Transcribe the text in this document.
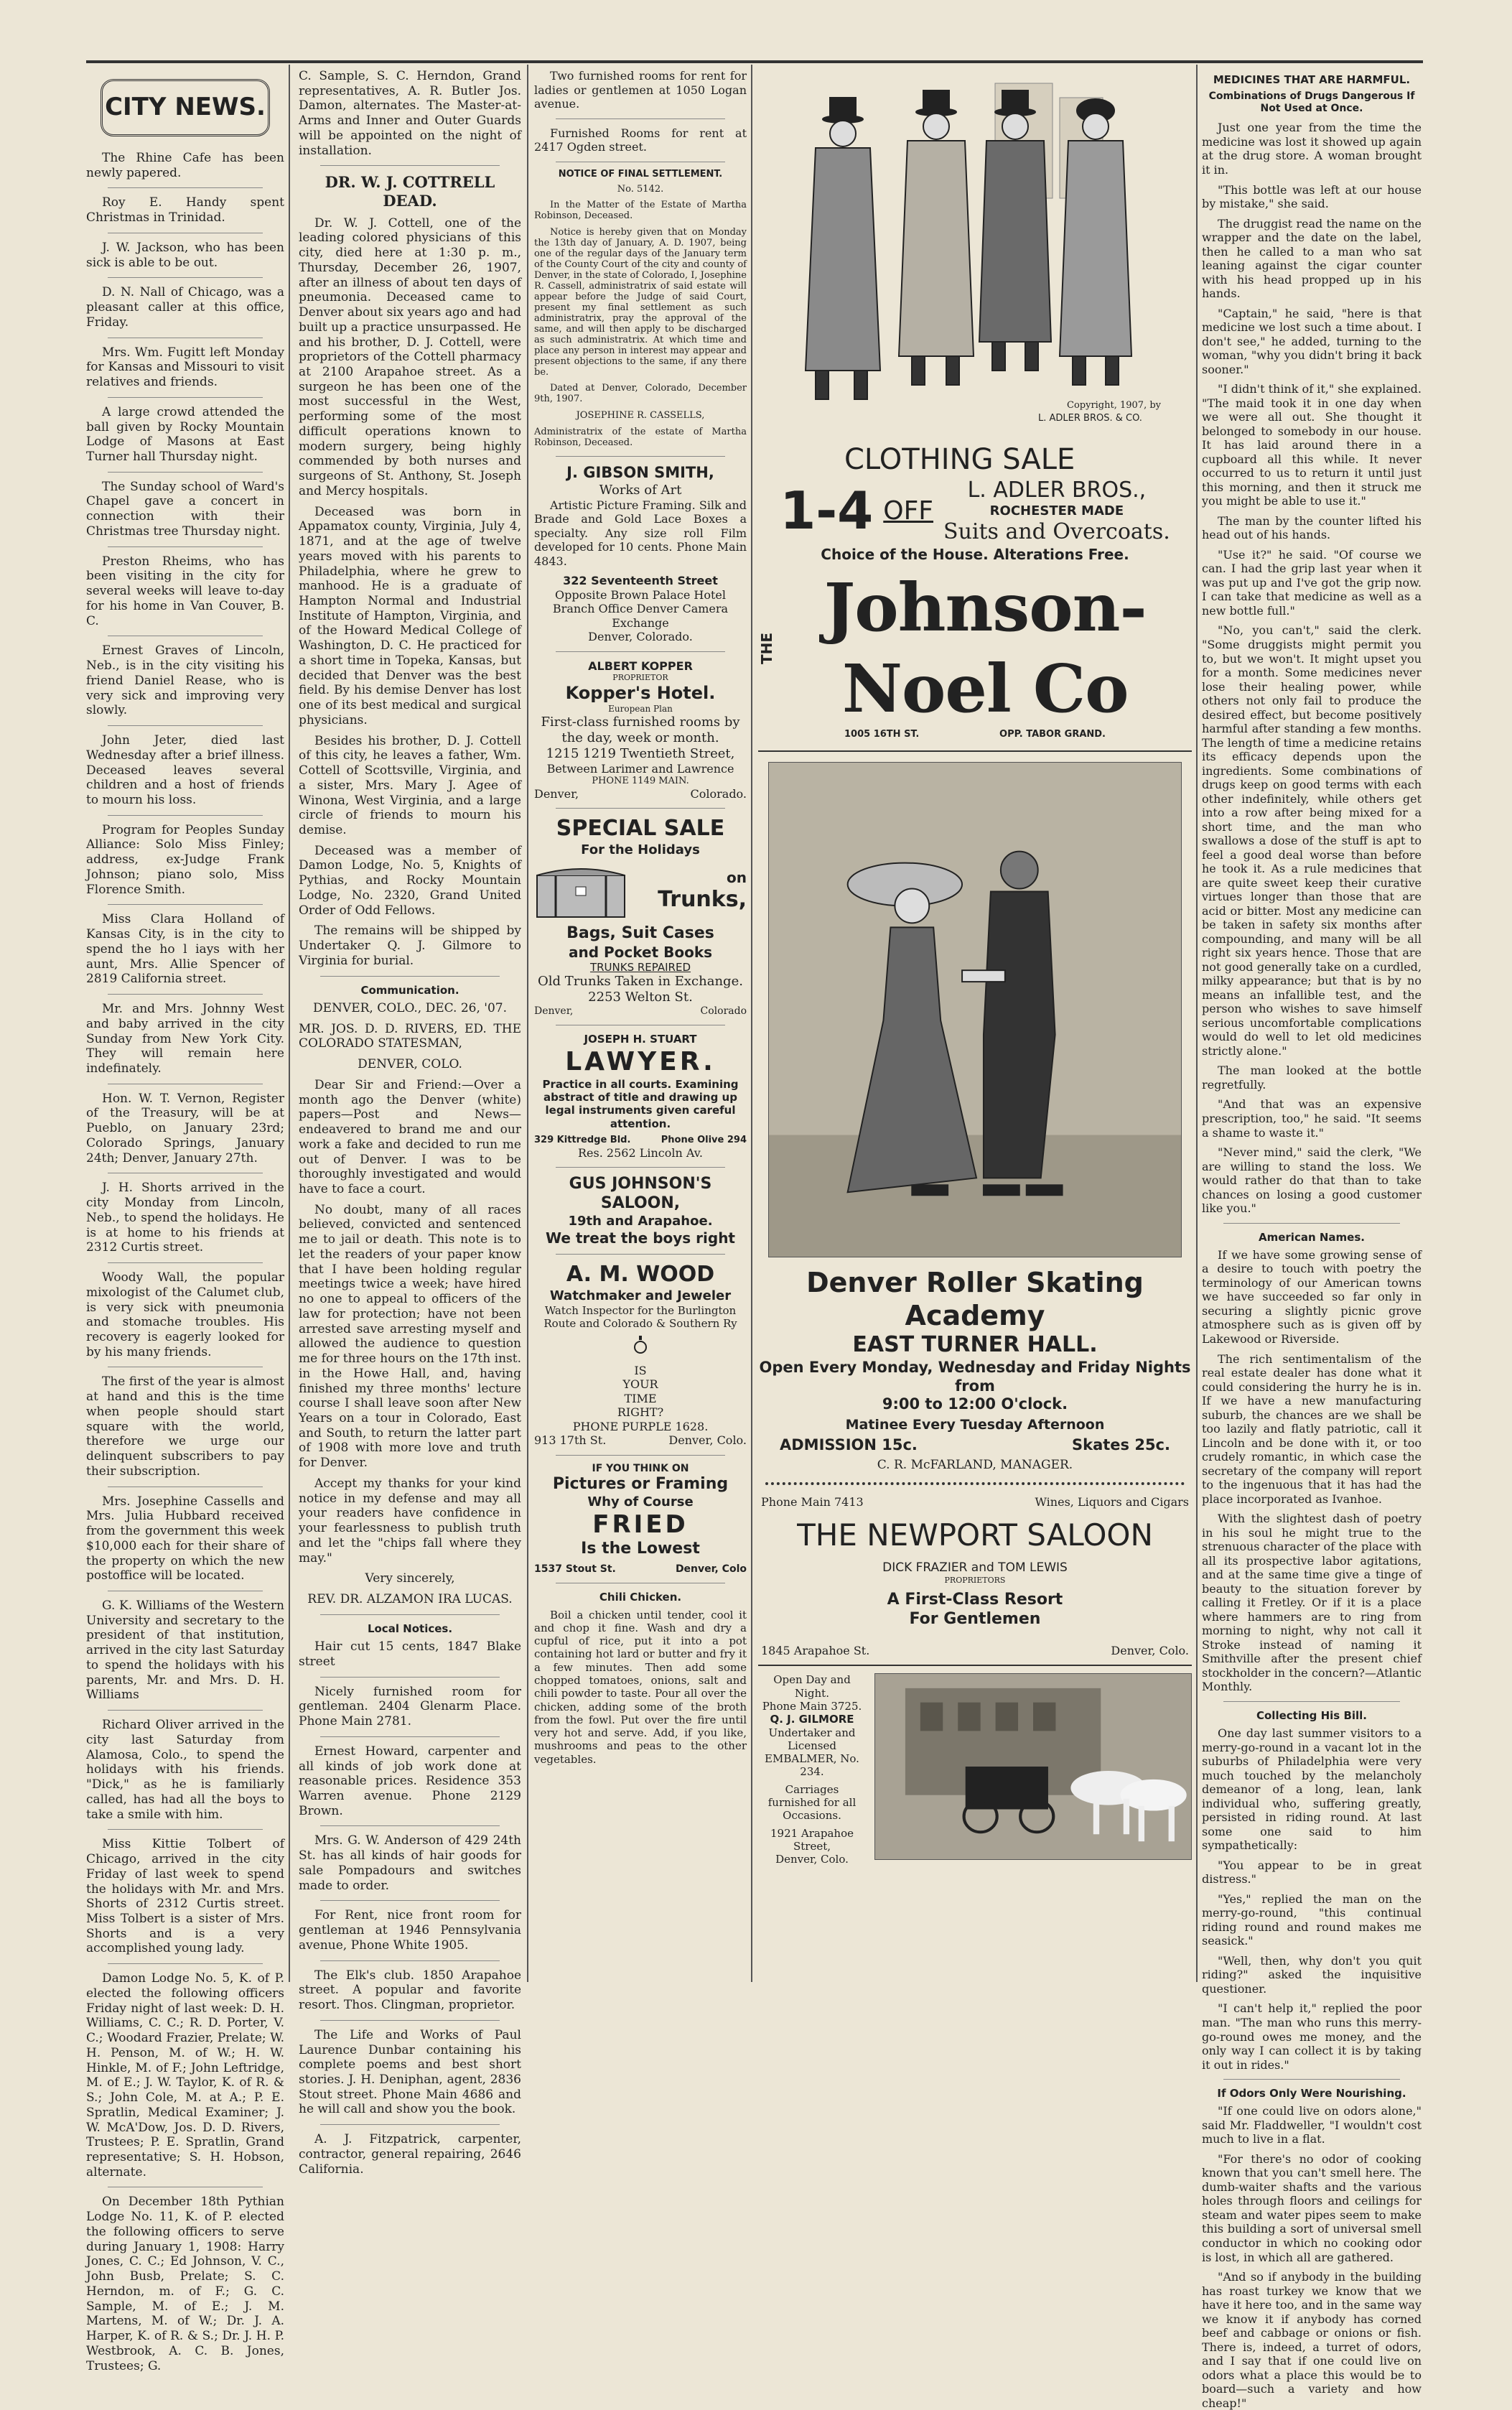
CITY NEWS.

The Rhine Cafe has been newly papered.

Roy E. Handy spent Christmas in Trinidad.

J. W. Jackson, who has been sick is able to be out.

D. N. Nall of Chicago, was a pleasant caller at this office, Friday.

Mrs. Wm. Fugitt left Monday for Kansas and Missouri to visit relatives and friends.

A large crowd attended the ball given by Rocky Mountain Lodge of Masons at East Turner hall Thursday night.

The Sunday school of Ward's Chapel gave a concert in connection with their Christmas tree Thursday night.

Preston Rheims, who has been visiting in the city for several weeks will leave to-day for his home in Van Couver, B. C.

Ernest Graves of Lincoln, Neb., is in the city visiting his friend Daniel Rease, who is very sick and improving very slowly.

John Jeter, died last Wednesday after a brief illness. Deceased leaves several children and a host of friends to mourn his loss.

Program for Peoples Sunday Alliance: Solo Miss Finley; address, ex-Judge Frank Johnson; piano solo, Miss Florence Smith.

Miss Clara Holland of Kansas City, is in the city to spend the ho l iays with her aunt, Mrs. Allie Spencer of 2819 California street.

Mr. and Mrs. Johnny West and baby arrived in the city Sunday from New York City. They will remain here indefinately.

Hon. W. T. Vernon, Register of the Treasury, will be at Pueblo, on January 23rd; Colorado Springs, January 24th; Denver, January 27th.

J. H. Shorts arrived in the city Monday from Lincoln, Neb., to spend the holidays. He is at home to his friends at 2312 Curtis street.

Woody Wall, the popular mixologist of the Calumet club, is very sick with pneumonia and stomache troubles. His recovery is eagerly looked for by his many friends.

The first of the year is almost at hand and this is the time when people should start square with the world, therefore we urge our delinquent subscribers to pay their subscription.

Mrs. Josephine Cassells and Mrs. Julia Hubbard received from the government this week $10,000 each for their share of the property on which the new postoffice will be located.

G. K. Williams of the Western University and secretary to the president of that institution, arrived in the city last Saturday to spend the holidays with his parents, Mr. and Mrs. D. H. Williams

Richard Oliver arrived in the city last Saturday from Alamosa, Colo., to spend the holidays with his friends. "Dick," as he is familiarly called, has had all the boys to take a smile with him.

Miss Kittie Tolbert of Chicago, arrived in the city Friday of last week to spend the holidays with Mr. and Mrs. Shorts of 2312 Curtis street. Miss Tolbert is a sister of Mrs. Shorts and is a very accomplished young lady.

Damon Lodge No. 5, K. of P. elected the following officers Friday night of last week: D. H. Williams, C. C.; R. D. Porter, V. C.; Woodard Frazier, Prelate; W. H. Penson, M. of W.; H. W. Hinkle, M. of F.; John Leftridge, M. of E.; J. W. Taylor, K. of R. & S.; John Cole, M. at A.; P. E. Spratlin, Medical Examiner; J. W. McA'Dow, Jos. D. D. Rivers, Trustees; P. E. Spratlin, Grand representative; S. H. Hobson, alternate.

On December 18th Pythian Lodge No. 11, K. of P. elected the following officers to serve during January 1, 1908: Harry Jones, C. C.; Ed Johnson, V. C., John Busb, Prelate; S. C. Herndon, m. of F.; G. C. Sample, M. of E.; J. M. Martens, M. of W.; Dr. J. A. Harper, K. of R. & S.; Dr. J. H. P. Westbrook, A. C. B. Jones, Trustees; G.

C. Sample, S. C. Herndon, Grand representatives, A. R. Butler Jos. Damon, alternates. The Master-at-Arms and Inner and Outer Guards will be appointed on the night of installation.

DR. W. J. COTTRELL DEAD.

Dr. W. J. Cottell, one of the leading colored physicians of this city, died here at 1:30 p. m., Thursday, December 26, 1907, after an illness of about ten days of pneumonia. Deceased came to Denver about six years ago and had built up a practice unsurpassed. He and his brother, D. J. Cottell, were proprietors of the Cottell pharmacy at 2100 Arapahoe street. As a surgeon he has been one of the most successful in the West, performing some of the most difficult operations known to modern surgery, being highly commended by both nurses and surgeons of St. Anthony, St. Joseph and Mercy hospitals.

Deceased was born in Appamatox county, Virginia, July 4, 1871, and at the age of twelve years moved with his parents to Philadelphia, where he grew to manhood. He is a graduate of Hampton Normal and Industrial Institute of Hampton, Virginia, and of the Howard Medical College of Washington, D. C. He practiced for a short time in Topeka, Kansas, but decided that Denver was the best field. By his demise Denver has lost one of its best medical and surgical physicians.

Besides his brother, D. J. Cottell of this city, he leaves a father, Wm. Cottell of Scottsville, Virginia, and a sister, Mrs. Mary J. Agee of Winona, West Virginia, and a large circle of friends to mourn his demise.

Deceased was a member of Damon Lodge, No. 5, Knights of Pythias, and Rocky Mountain Lodge, No. 2320, Grand United Order of Odd Fellows.

The remains will be shipped by Undertaker Q. J. Gilmore to Virginia for burial.

Communication.

DENVER, COLO., DEC. 26, '07.

MR. JOS. D. D. RIVERS, ED. THE COLORADO STATESMAN,

DENVER, COLO.

Dear Sir and Friend:—Over a month ago the Denver (white) papers—Post and News—endeavered to brand me and our work a fake and decided to run me out of Denver. I was to be thoroughly investigated and would have to face a court.

No doubt, many of all races believed, convicted and sentenced me to jail or death. This note is to let the readers of your paper know that I have been holding regular meetings twice a week; have hired no one to appeal to officers of the law for protection; have not been arrested save arresting myself and allowed the audience to question me for three hours on the 17th inst. in the Howe Hall, and, having finished my three months' lecture course I shall leave soon after New Years on a tour in Colorado, East and South, to return the latter part of 1908 with more love and truth for Denver.

Accept my thanks for your kind notice in my defense and may all your readers have confidence in your fearlessness to publish truth and let the "chips fall where they may."

Very sincerely,

REV. DR. ALZAMON IRA LUCAS.

Local Notices.

Hair cut 15 cents, 1847 Blake street

Nicely furnished room for gentleman. 2404 Glenarm Place. Phone Main 2781.

Ernest Howard, carpenter and all kinds of job work done at reasonable prices. Residence 353 Warren avenue. Phone 2129 Brown.

Mrs. G. W. Anderson of 429 24th St. has all kinds of hair goods for sale Pompadours and switches made to order.

For Rent, nice front room for gentleman at 1946 Pennsylvania avenue, Phone White 1905.

The Elk's club. 1850 Arapahoe street. A popular and favorite resort. Thos. Clingman, proprietor.

The Life and Works of Paul Laurence Dunbar containing his complete poems and best short stories. J. H. Deniphan, agent, 2836 Stout street. Phone Main 4686 and he will call and show you the book.

A. J. Fitzpatrick, carpenter, contractor, general repairing, 2646 California.

Two furnished rooms for rent for ladies or gentlemen at 1050 Logan avenue.

Furnished Rooms for rent at 2417 Ogden street.

NOTICE OF FINAL SETTLEMENT.

No. 5142.

In the Matter of the Estate of Martha Robinson, Deceased.

Notice is hereby given that on Monday the 13th day of January, A. D. 1907, being one of the regular days of the January term of the County Court of the city and county of Denver, in the state of Colorado, I, Josephine R. Cassell, administratrix of said estate will appear before the Judge of said Court, present my final settlement as such administratrix, pray the approval of the same, and will then apply to be discharged as such administratrix. At which time and place any person in interest may appear and present objections to the same, if any there be.

Dated at Denver, Colorado, December 9th, 1907.

JOSEPHINE R. CASSELLS,

Administratrix of the estate of Martha Robinson, Deceased.

J. GIBSON SMITH,
Works of Art

Artistic Picture Framing. Silk and Brade and Gold Lace Boxes a specialty. Any size roll Film developed for 10 cents. Phone Main 4843.

322 Seventeenth Street
Opposite Brown Palace Hotel
Branch Office Denver Camera Exchange
Denver, Colorado.
ALBERT KOPPER
PROPRIETOR
Kopper's Hotel.
European Plan
First-class furnished rooms by the day, week or month.
1215 1219 Twentieth Street,
Between Larimer and Lawrence
PHONE 1149 MAIN.
Denver,	Colorado.
SPECIAL SALE
For the Holidays
on
Trunks,
Bags, Suit Cases
and Pocket Books
TRUNKS REPAIRED
Old Trunks Taken in Exchange.
2253 Welton St.
Denver,	Colorado
JOSEPH H. STUART
LAWYER.
Practice in all courts. Examining abstract of title and drawing up legal instruments given careful attention.
329 Kittredge Bld.	Phone Olive 294
Res. 2562 Lincoln Av.
GUS JOHNSON'S SALOON,
19th and Arapahoe.
We treat the boys right
A. M. WOOD
Watchmaker and Jeweler
Watch Inspector for the Burlington Route and Colorado & Southern Ry
IS
YOUR
TIME
RIGHT?
PHONE PURPLE 1628.
913 17th St.	Denver, Colo.
IF YOU THINK ON
Pictures or Framing
Why of Course
FRIED
Is the Lowest
1537 Stout St.	Denver, Colo
Chili Chicken.

Boil a chicken until tender, cool it and chop it fine. Wash and dry a cupful of rice, put it into a pot containing hot lard or butter and fry it a few minutes. Then add some chopped tomatoes, onions, salt and chili powder to taste. Pour all over the chicken, adding some of the broth from the fowl. Put over the fire until very hot and serve. Add, if you like, mushrooms and peas to the other vegetables.

Copyright, 1907, by
L. ADLER BROS. & CO.
CLOTHING SALE
1-4 OFF
L. ADLER BROS.,
ROCHESTER MADE
Suits and Overcoats.
Choice of the House. Alterations Free.
THE
Johnson-Noel Co
1005 16TH ST.	OPP. TABOR GRAND.
Denver Roller Skating Academy
EAST TURNER HALL.
Open Every Monday, Wednesday and Friday Nights from
9:00 to 12:00 O'clock.
Matinee Every Tuesday Afternoon
ADMISSION 15c.	Skates 25c.
C. R. McFARLAND, MANAGER.
Phone Main 7413	Wines, Liquors and Cigars
THE NEWPORT SALOON
DICK FRAZIER and TOM LEWIS
PROPRIETORS
A First-Class Resort
For Gentlemen
1845 Arapahoe St.	Denver, Colo.
Open Day and Night.
Phone Main 3725.
Q. J. GILMORE
Undertaker and Licensed EMBALMER, No. 234.
Carriages furnished for all Occasions.
1921 Arapahoe Street,
Denver, Colo.
MEDICINES THAT ARE HARMFUL.

Combinations of Drugs Dangerous If Not Used at Once.

Just one year from the time the medicine was lost it showed up again at the drug store. A woman brought it in.

"This bottle was left at our house by mistake," she said.

The druggist read the name on the wrapper and the date on the label, then he called to a man who sat leaning against the cigar counter with his head propped up in his hands.

"Captain," he said, "here is that medicine we lost such a time about. I don't see," he added, turning to the woman, "why you didn't bring it back sooner."

"I didn't think of it," she explained. "The maid took it in one day when we were all out. She thought it belonged to somebody in our house. It has laid around there in a cupboard all this while. It never occurred to us to return it until just this morning, and then it struck me you might be able to use it."

The man by the counter lifted his head out of his hands.

"Use it?" he said. "Of course we can. I had the grip last year when it was put up and I've got the grip now. I can take that medicine as well as a new bottle full."

"No, you can't," said the clerk. "Some druggists might permit you to, but we won't. It might upset you for a month. Some medicines never lose their healing power, while others not only fail to produce the desired effect, but become positively harmful after standing a few months. The length of time a medicine retains its efficacy depends upon the ingredients. Some combinations of drugs keep on good terms with each other indefinitely, while others get into a row after being mixed for a short time, and the man who swallows a dose of the stuff is apt to feel a good deal worse than before he took it. As a rule medicines that are quite sweet keep their curative virtues longer than those that are acid or bitter. Most any medicine can be taken in safety six months after compounding, and many will be all right six years hence. Those that are not good generally take on a curdled, milky appearance; but that is by no means an infallible test, and the person who wishes to save himself serious uncomfortable complications would do well to let old medicines strictly alone."

The man looked at the bottle regretfully.

"And that was an expensive prescription, too," he said. "It seems a shame to waste it."

"Never mind," said the clerk, "We are willing to stand the loss. We would rather do that than to take chances on losing a good customer like you."

American Names.

If we have some growing sense of a desire to touch with poetry the terminology of our American towns we have succeeded so far only in securing a slightly picnic grove atmosphere such as is given off by Lakewood or Riverside.

The rich sentimentalism of the real estate dealer has done what it could considering the hurry he is in. If we have a new manufacturing suburb, the chances are we shall be too lazily and flatly patriotic, call it Lincoln and be done with it, or too crudely romantic, in which case the secretary of the company will report to the ingenuous that it has had the place incorporated as Ivanhoe.

With the slightest dash of poetry in his soul he might true to the strenuous character of the place with all its prospective labor agitations, and at the same time give a tinge of beauty to the situation forever by calling it Fretley. Or if it is a place where hammers are to ring from morning to night, why not call it Stroke instead of naming it Smithville after the present chief stockholder in the concern?—Atlantic Monthly.

Collecting His Bill.

One day last summer visitors to a merry-go-round in a vacant lot in the suburbs of Philadelphia were very much touched by the melancholy demeanor of a long, lean, lank individual who, suffering greatly, persisted in riding round. At last some one said to him sympathetically:

"You appear to be in great distress."

"Yes," replied the man on the merry-go-round, "this continual riding round and round makes me seasick."

"Well, then, why don't you quit riding?" asked the inquisitive questioner.

"I can't help it," replied the poor man. "The man who runs this merry-go-round owes me money, and the only way I can collect it is by taking it out in rides."

If Odors Only Were Nourishing.

"If one could live on odors alone," said Mr. Fladdweller, "I wouldn't cost much to live in a flat.

"For there's no odor of cooking known that you can't smell here. The dumb-waiter shafts and the various holes through floors and ceilings for steam and water pipes seem to make this building a sort of universal smell conductor in which no cooking odor is lost, in which all are gathered.

"And so if anybody in the building has roast turkey we know that we have it here too, and in the same way we know it if anybody has corned beef and cabbage or onions or fish. There is, indeed, a turret of odors, and I say that if one could live on odors what a place this would be to board—such a variety and how cheap!"
